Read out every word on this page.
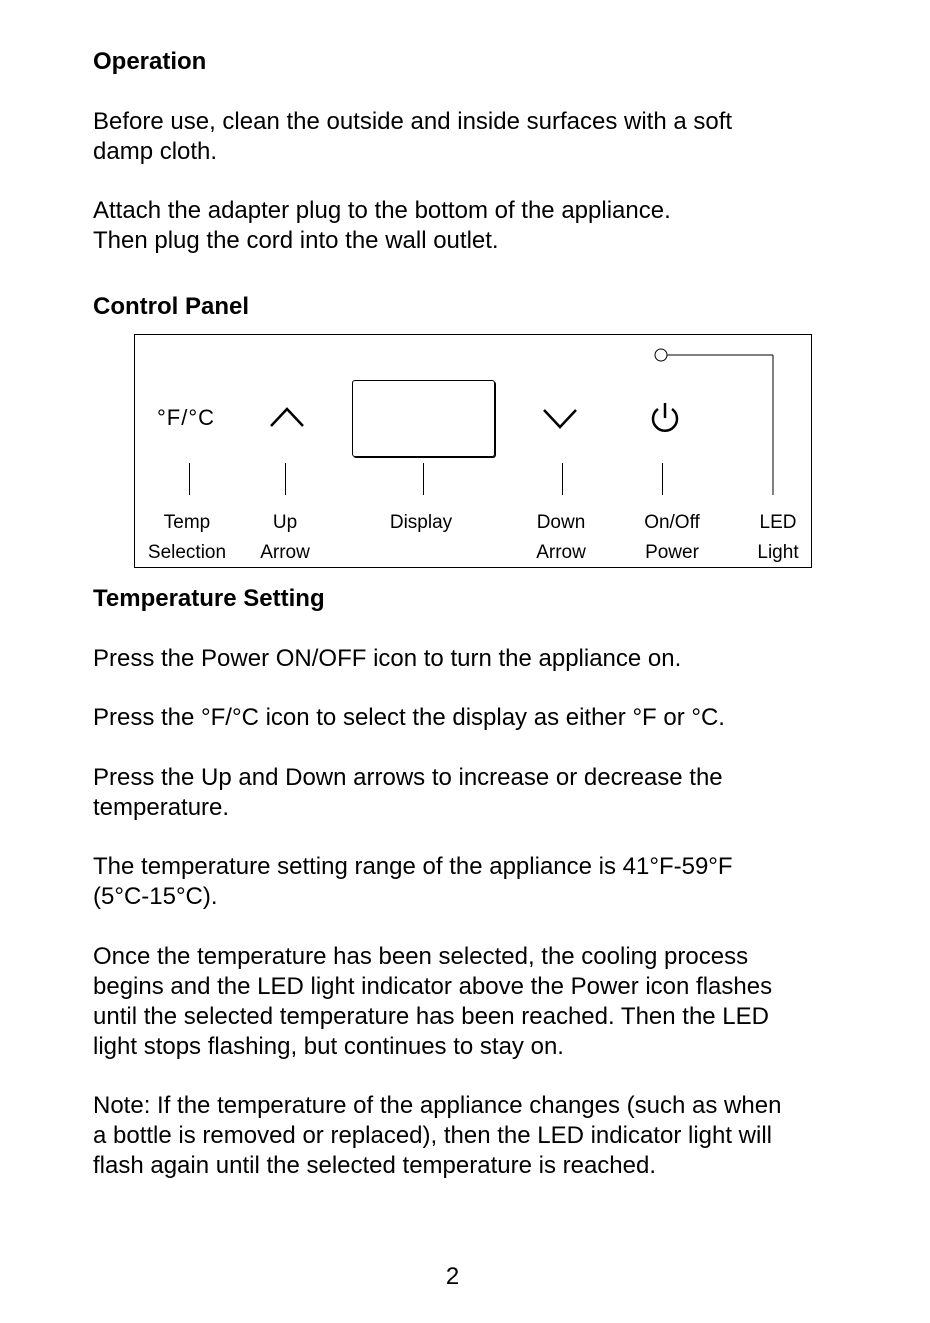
Operation

Before use, clean the outside and inside surfaces with a soft
damp cloth.

Attach the adapter plug to the bottom of the appliance.
Then plug the cord into the wall outlet.

Control Panel
°F/°C
Temp
Selection
Up
Arrow
Display	Down
Arrow
On/Off
Power
LED
Light
Temperature Setting

Press the Power ON/OFF icon to turn the appliance on.

Press the °F/°C icon to select the display as either °F or °C.

Press the Up and Down arrows to increase or decrease the
temperature.

The temperature setting range of the appliance is 41°F-59°F
(5°C-15°C).

Once the temperature has been selected, the cooling process
begins and the LED light indicator above the Power icon flashes
until the selected temperature has been reached. Then the LED
light stops flashing, but continues to stay on.

Note: If the temperature of the appliance changes (such as when
a bottle is removed or replaced), then the LED indicator light will
flash again until the selected temperature is reached.

2
